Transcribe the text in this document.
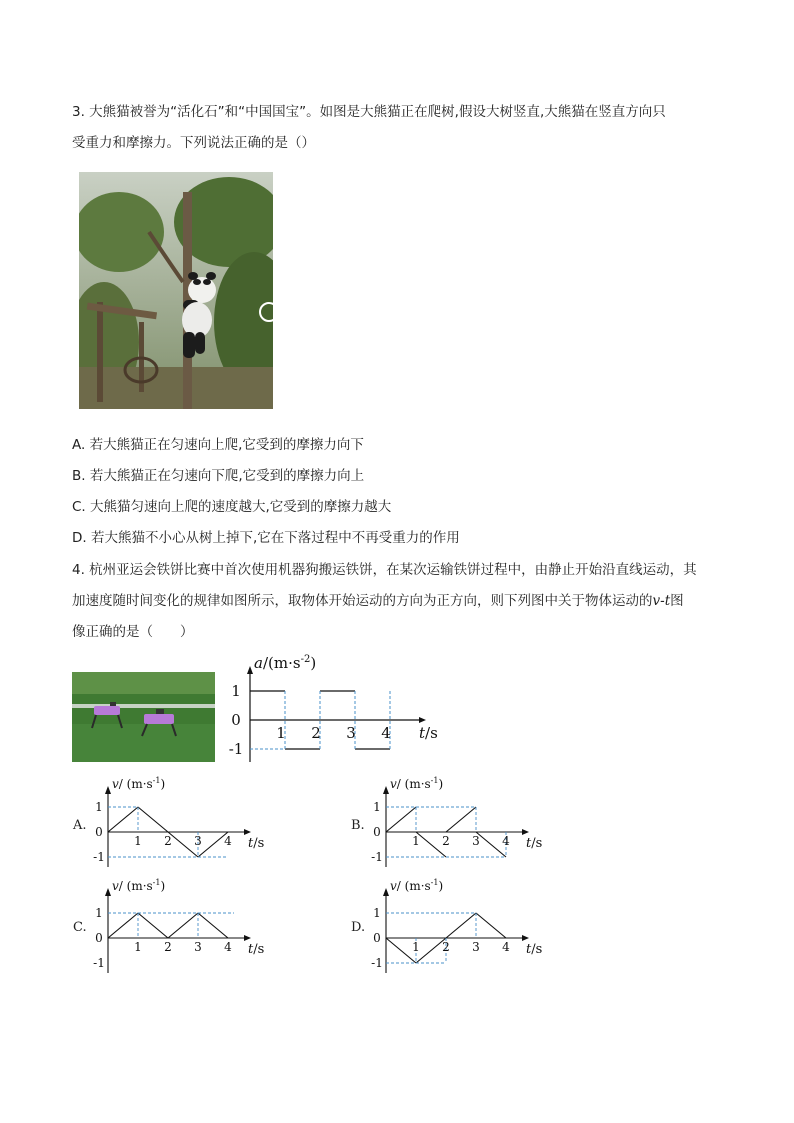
3. 大熊猫被誉为“活化石”和“中国国宝”。如图是大熊猫正在爬树,假设大树竖直,大熊猫在竖直方向只
受重力和摩擦力。下列说法正确的是（）
A. 若大熊猫正在匀速向上爬,它受到的摩擦力向下
B. 若大熊猫正在匀速向下爬,它受到的摩擦力向上
C. 大熊猫匀速向上爬的速度越大,它受到的摩擦力越大
D. 若大熊猫不小心从树上掉下,它在下落过程中不再受重力的作用
4. 杭州亚运会铁饼比赛中首次使用机器狗搬运铁饼，在某次运输铁饼过程中，由静止开始沿直线运动，其
加速度随时间变化的规律如图所示，取物体开始运动的方向为正方向，则下列图中关于物体运动的v-t图
像正确的是（　　）
1
0
-1
1 2 3 4
$a/(m\cdot s^{-2})$
t/s
A.	B.
C.	D.
v/ $(m\cdot s^{-1})$
t/s
1
0
-1
1 2 3 4
v/ $(m\cdot s^{-1})$
t/s
1
0
-1
1 2 3 4
v/ $(m\cdot s^{-1})$
t/s
1
0
-1
1 2 3 4
v/ $(m\cdot s^{-1})$
t/s
1
0
-1
1 2 3 4
